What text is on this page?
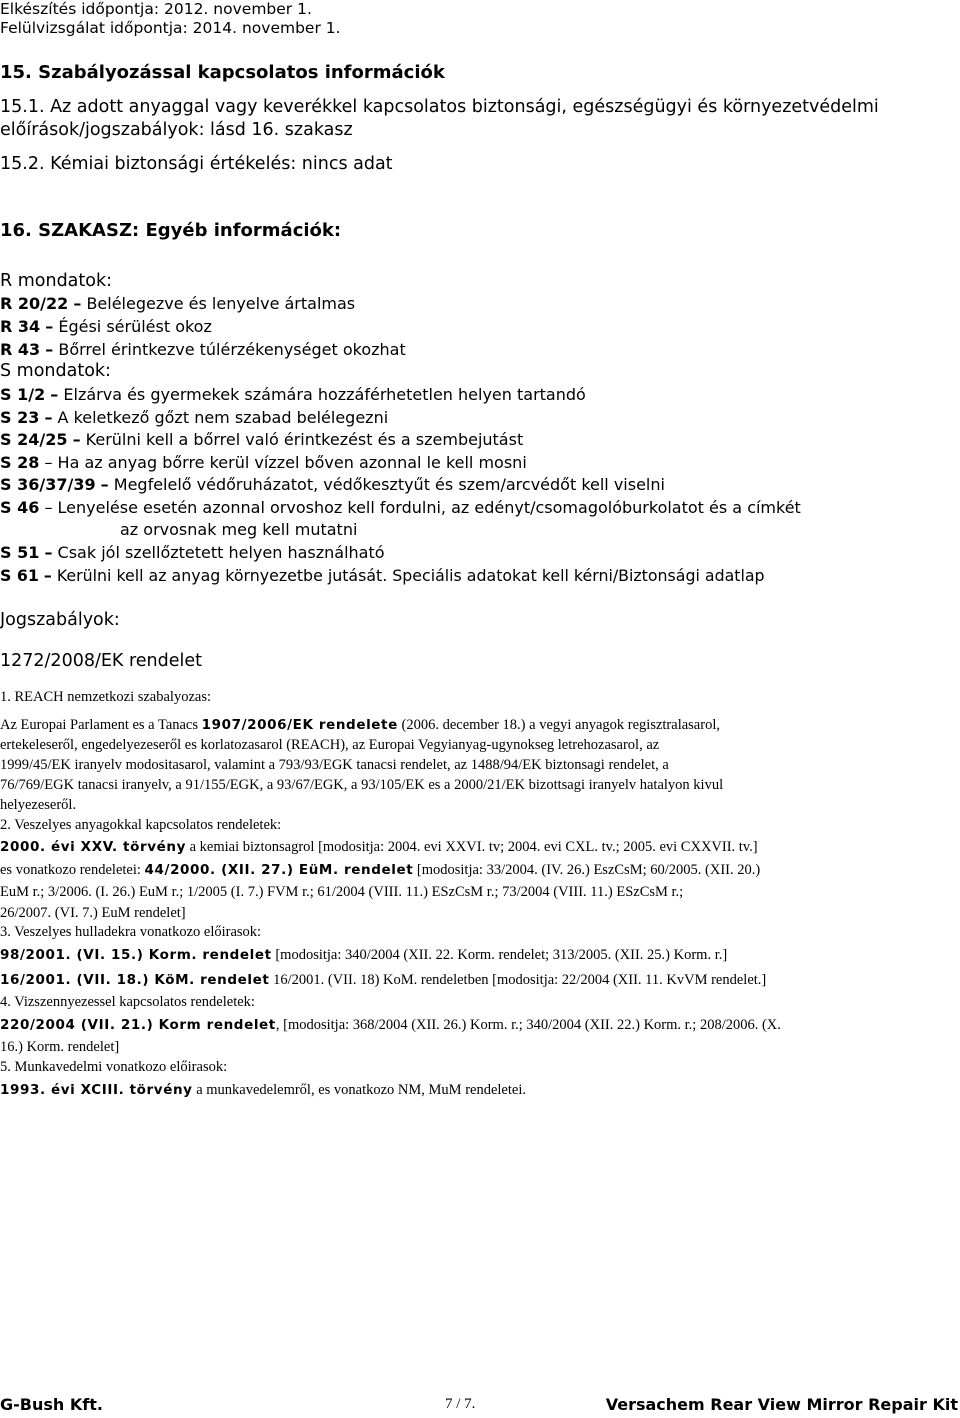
Elkészítés időpontja: 2012. november 1.
Felülvizsgálat időpontja: 2014. november 1.
15. Szabályozással kapcsolatos információk
15.1. Az adott anyaggal vagy keverékkel kapcsolatos biztonsági, egészségügyi és környezetvédelmi
előírások/jogszabályok: lásd 16. szakasz
15.2. Kémiai biztonsági értékelés: nincs adat
16. SZAKASZ: Egyéb információk:
R mondatok:
R 20/22 – Belélegezve és lenyelve ártalmas
R 34 – Égési sérülést okoz
R 43 – Bőrrel érintkezve túlérzékenységet okozhat
S mondatok:
S 1/2 – Elzárva és gyermekek számára hozzáférhetetlen helyen tartandó
S 23 – A keletkező gőzt nem szabad belélegezni
S 24/25 – Kerülni kell a bőrrel való érintkezést és a szembejutást
S 28 – Ha az anyag bőrre kerül vízzel bőven azonnal le kell mosni
S 36/37/39 – Megfelelő védőruházatot, védőkesztyűt és szem/arcvédőt kell viselni
S 46 – Lenyelése esetén azonnal orvoshoz kell fordulni, az edényt/csomagolóburkolatot és a címkét
az orvosnak meg kell mutatni
S 51 – Csak jól szellőztetett helyen használható
S 61 – Kerülni kell az anyag környezetbe jutását. Speciális adatokat kell kérni/Biztonsági adatlap
Jogszabályok:
1272/2008/EK rendelet
1. REACH nemzetkozi szabalyozas:
Az Europai Parlament es a Tanacs 1907/2006/EK rendelete (2006. december 18.) a vegyi anyagok regisztralasarol,
ertekeleseről, engedelyezeseről es korlatozasarol (REACH), az Europai Vegyianyag-ugynokseg letrehozasarol, az
1999/45/EK iranyelv modositasarol, valamint a 793/93/EGK tanacsi rendelet, az 1488/94/EK biztonsagi rendelet, a
76/769/EGK tanacsi iranyelv, a 91/155/EGK, a 93/67/EGK, a 93/105/EK es a 2000/21/EK bizottsagi iranyelv hatalyon kivul
helyezeseről.
2. Veszelyes anyagokkal kapcsolatos rendeletek:
2000. évi XXV. törvény a kemiai biztonsagrol [modositja: 2004. evi XXVI. tv; 2004. evi CXL. tv.; 2005. evi CXXVII. tv.]
es vonatkozo rendeletei: 44/2000. (XII. 27.) EüM. rendelet [modositja: 33/2004. (IV. 26.) EszCsM; 60/2005. (XII. 20.)
EuM r.; 3/2006. (I. 26.) EuM r.; 1/2005 (I. 7.) FVM r.; 61/2004 (VIII. 11.) ESzCsM r.; 73/2004 (VIII. 11.) ESzCsM r.;
26/2007. (VI. 7.) EuM rendelet]
3. Veszelyes hulladekra vonatkozo előirasok:
98/2001. (VI. 15.) Korm. rendelet [modositja: 340/2004 (XII. 22. Korm. rendelet; 313/2005. (XII. 25.) Korm. r.]
16/2001. (VII. 18.) KöM. rendelet 16/2001. (VII. 18) KoM. rendeletben [modositja: 22/2004 (XII. 11. KvVM rendelet.]
4. Vizszennyezessel kapcsolatos rendeletek:
220/2004 (VII. 21.) Korm rendelet, [modositja: 368/2004 (XII. 26.) Korm. r.; 340/2004 (XII. 22.) Korm. r.; 208/2006. (X.
16.) Korm. rendelet]
5. Munkavedelmi vonatkozo előirasok:
1993. évi XCIII. törvény a munkavedelemről, es vonatkozo NM, MuM rendeletei.
G-Bush Kft.	7 / 7.	Versachem Rear View Mirror Repair Kit
